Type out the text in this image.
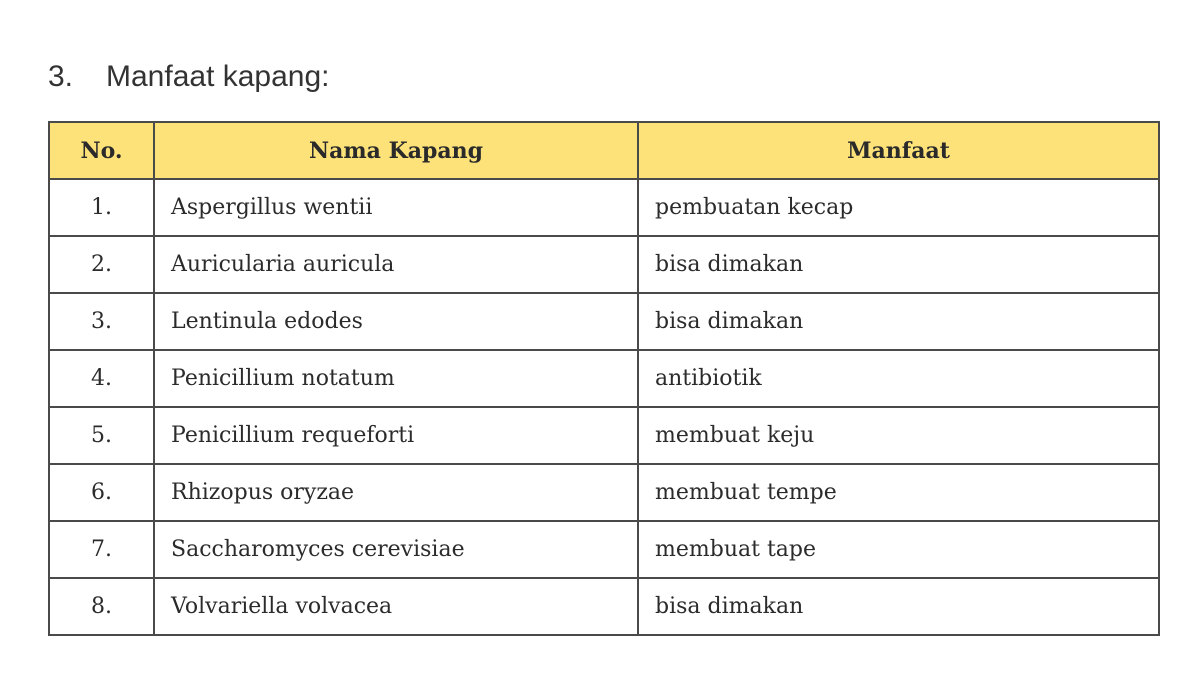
3.	Manfaat kapang:
No.	Nama Kapang	Manfaat
1.	Aspergillus wentii	pembuatan kecap
2.	Auricularia auricula	bisa dimakan
3.	Lentinula edodes	bisa dimakan
4.	Penicillium notatum	antibiotik
5.	Penicillium requeforti	membuat keju
6.	Rhizopus oryzae	membuat tempe
7.	Saccharomyces cerevisiae	membuat tape
8.	Volvariella volvacea	bisa dimakan
